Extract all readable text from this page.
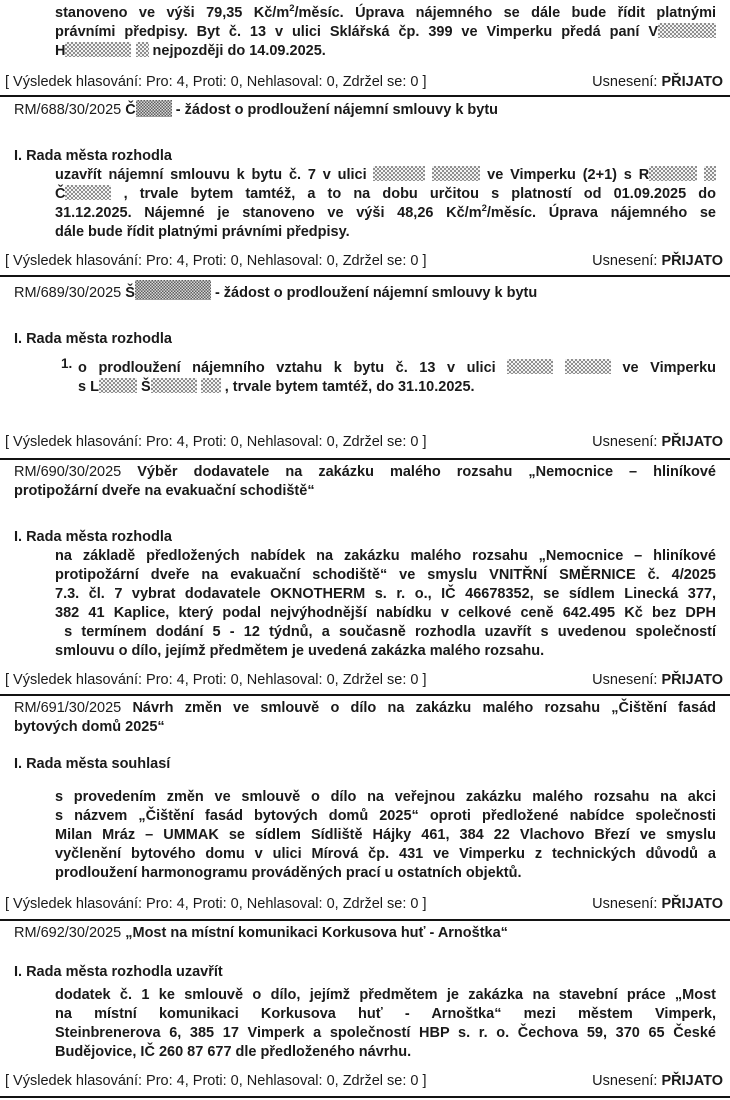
stanoveno ve výši 79,35 $Kč/m^2$/měsíc. Úprava nájemného se dále bude řídit platnými
právními předpisy. Byt č. 13 v ulici Sklářská čp. 399 ve Vimperku předá paní V
H	nejpozději do 14.09.2025.
[ Výsledek hlasování: Pro: 4, Proti: 0, Nehlasoval: 0, Zdržel se: 0 ]	Usnesení: PŘIJATO
RM/688/30/2025 Č - žádost o prodloužení nájemní smlouvy k bytu
I. Rada města rozhodla
uzavřít nájemní smlouvu k bytu č. 7 v ulici	ve Vimperku (2+1) s R
Č	, trvale bytem tamtéž, a to na dobu určitou s platností od 01.09.2025 do
31.12.2025. Nájemné je stanoveno ve výši 48,26 $Kč/m^2$/měsíc. Úprava nájemného se
dále bude řídit platnými právními předpisy.
[ Výsledek hlasování: Pro: 4, Proti: 0, Nehlasoval: 0, Zdržel se: 0 ]	Usnesení: PŘIJATO
RM/689/30/2025 Š	- žádost o prodloužení nájemní smlouvy k bytu
I. Rada města rozhodla
1. o prodloužení nájemního vztahu k bytu č. 13 v ulici	ve Vimperku
s L	Š	, trvale bytem tamtéž, do 31.10.2025.
[ Výsledek hlasování: Pro: 4, Proti: 0, Nehlasoval: 0, Zdržel se: 0 ]	Usnesení: PŘIJATO
RM/690/30/2025 Výběr dodavatele na zakázku malého rozsahu „Nemocnice – hliníkové
protipožární dveře na evakuační schodiště“
I. Rada města rozhodla
na základě předložených nabídek na zakázku malého rozsahu „Nemocnice – hliníkové
protipožární dveře na evakuační schodiště“ ve smyslu VNITŘNÍ SMĚRNICE č. 4/2025
7.3. čl. 7 vybrat dodavatele OKNOTHERM s. r. o., IČ 46678352, se sídlem Linecká 377,
382 41 Kaplice, který podal nejvýhodnější nabídku v celkové ceně 642.495 Kč bez DPH
s termínem dodání 5 - 12 týdnů, a současně rozhodla uzavřít s uvedenou společností
smlouvu o dílo, jejímž předmětem je uvedená zakázka malého rozsahu.
[ Výsledek hlasování: Pro: 4, Proti: 0, Nehlasoval: 0, Zdržel se: 0 ]	Usnesení: PŘIJATO
RM/691/30/2025 Návrh změn ve smlouvě o dílo na zakázku malého rozsahu „Čištění fasád
bytových domů 2025“
I. Rada města souhlasí
s provedením změn ve smlouvě o dílo na veřejnou zakázku malého rozsahu na akci
s názvem „Čištění fasád bytových domů 2025“ oproti předložené nabídce společnosti
Milan Mráz – UMMAK se sídlem Sídliště Hájky 461, 384 22 Vlachovo Březí ve smyslu
vyčlenění bytového domu v ulici Mírová čp. 431 ve Vimperku z technických důvodů a
prodloužení harmonogramu prováděných prací u ostatních objektů.
[ Výsledek hlasování: Pro: 4, Proti: 0, Nehlasoval: 0, Zdržel se: 0 ]	Usnesení: PŘIJATO
RM/692/30/2025 „Most na místní komunikaci Korkusova huť - Arnoštka“
I. Rada města rozhodla uzavřít
dodatek č. 1 ke smlouvě o dílo, jejímž předmětem je zakázka na stavební práce „Most
na místní komunikaci Korkusova huť - Arnoštka“ mezi městem Vimperk,
Steinbrenerova 6, 385 17 Vimperk a společností HBP s. r. o. Čechova 59, 370 65 České
Budějovice, IČ 260 87 677 dle předloženého návrhu.
[ Výsledek hlasování: Pro: 4, Proti: 0, Nehlasoval: 0, Zdržel se: 0 ]	Usnesení: PŘIJATO
